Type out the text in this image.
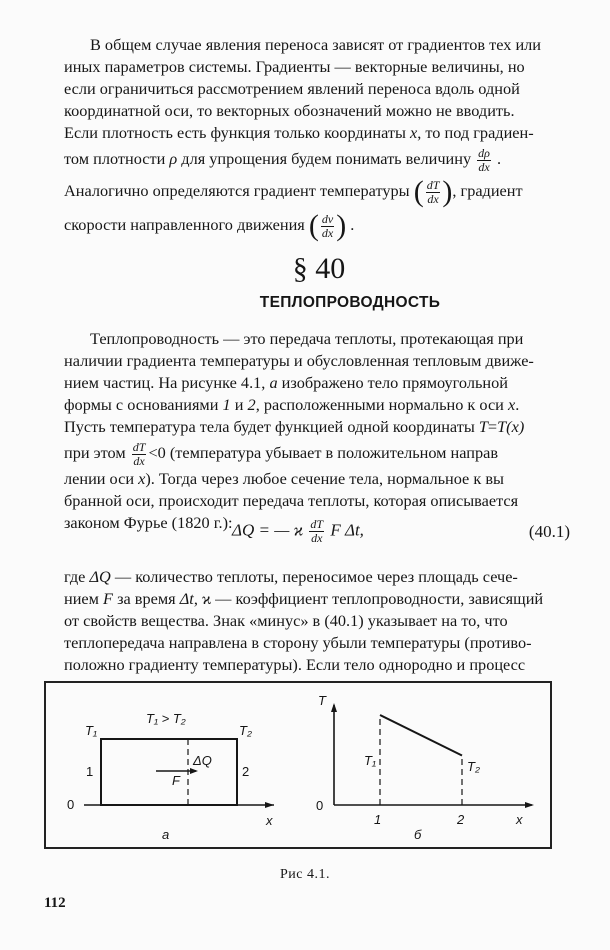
В общем случае явления переноса зависят от градиентов тех или

иных параметров системы. Градиенты — векторные величины, но

если ограничиться рассмотрением явлений переноса вдоль одной

координатной оси, то векторных обозначений можно не вводить.

Если плотность есть функция только координаты x, то под градиен-

том плотности ρ для упрощения будем понимать величину $\frac{d\rho}{dx}$ .

Аналогично определяются градиент температуры ( $\frac{dT}{dx}$ ), градиент

скорости направленного движения ( $\frac{dv}{dx}$ ) .

§ 40
ТЕПЛОПРОВОДНОСТЬ

Теплопроводность — это передача теплоты, протекающая при

наличии градиента температуры и обусловленная тепловым движе-

нием частиц. На рисунке 4.1, а изображено тело прямоугольной

формы с основаниями 1 и 2, расположенными нормально к оси x.

Пусть температура тела будет функцией одной координаты T=T(x)

при этом $\frac{dT}{dx} <0$ (температура убывает в положительном направ

лении оси x). Тогда через любое сечение тела, нормальное к вы

бранной оси, происходит передача теплоты, которая описывается

законом Фурье (1820 г.): ΔQ = — ϰ $\frac{dT}{dx}$ F Δt,	(40.1)

где ΔQ — количество теплоты, переносимое через площадь сече-

нием F за время Δt, ϰ — коэффициент теплопроводности, зависящий

от свойств вещества. Знак «минус» в (40.1) указывает на то, что

теплопередача направлена в сторону убыли температуры (противо-

положно градиенту температуры). Если тело однородно и процесс

T₁	T₂
T₁ > T₂
1	2
ΔQ
F
0
x
а
T
x
0
1	2
T₁	T₂
б
Рис 4.1.
112
